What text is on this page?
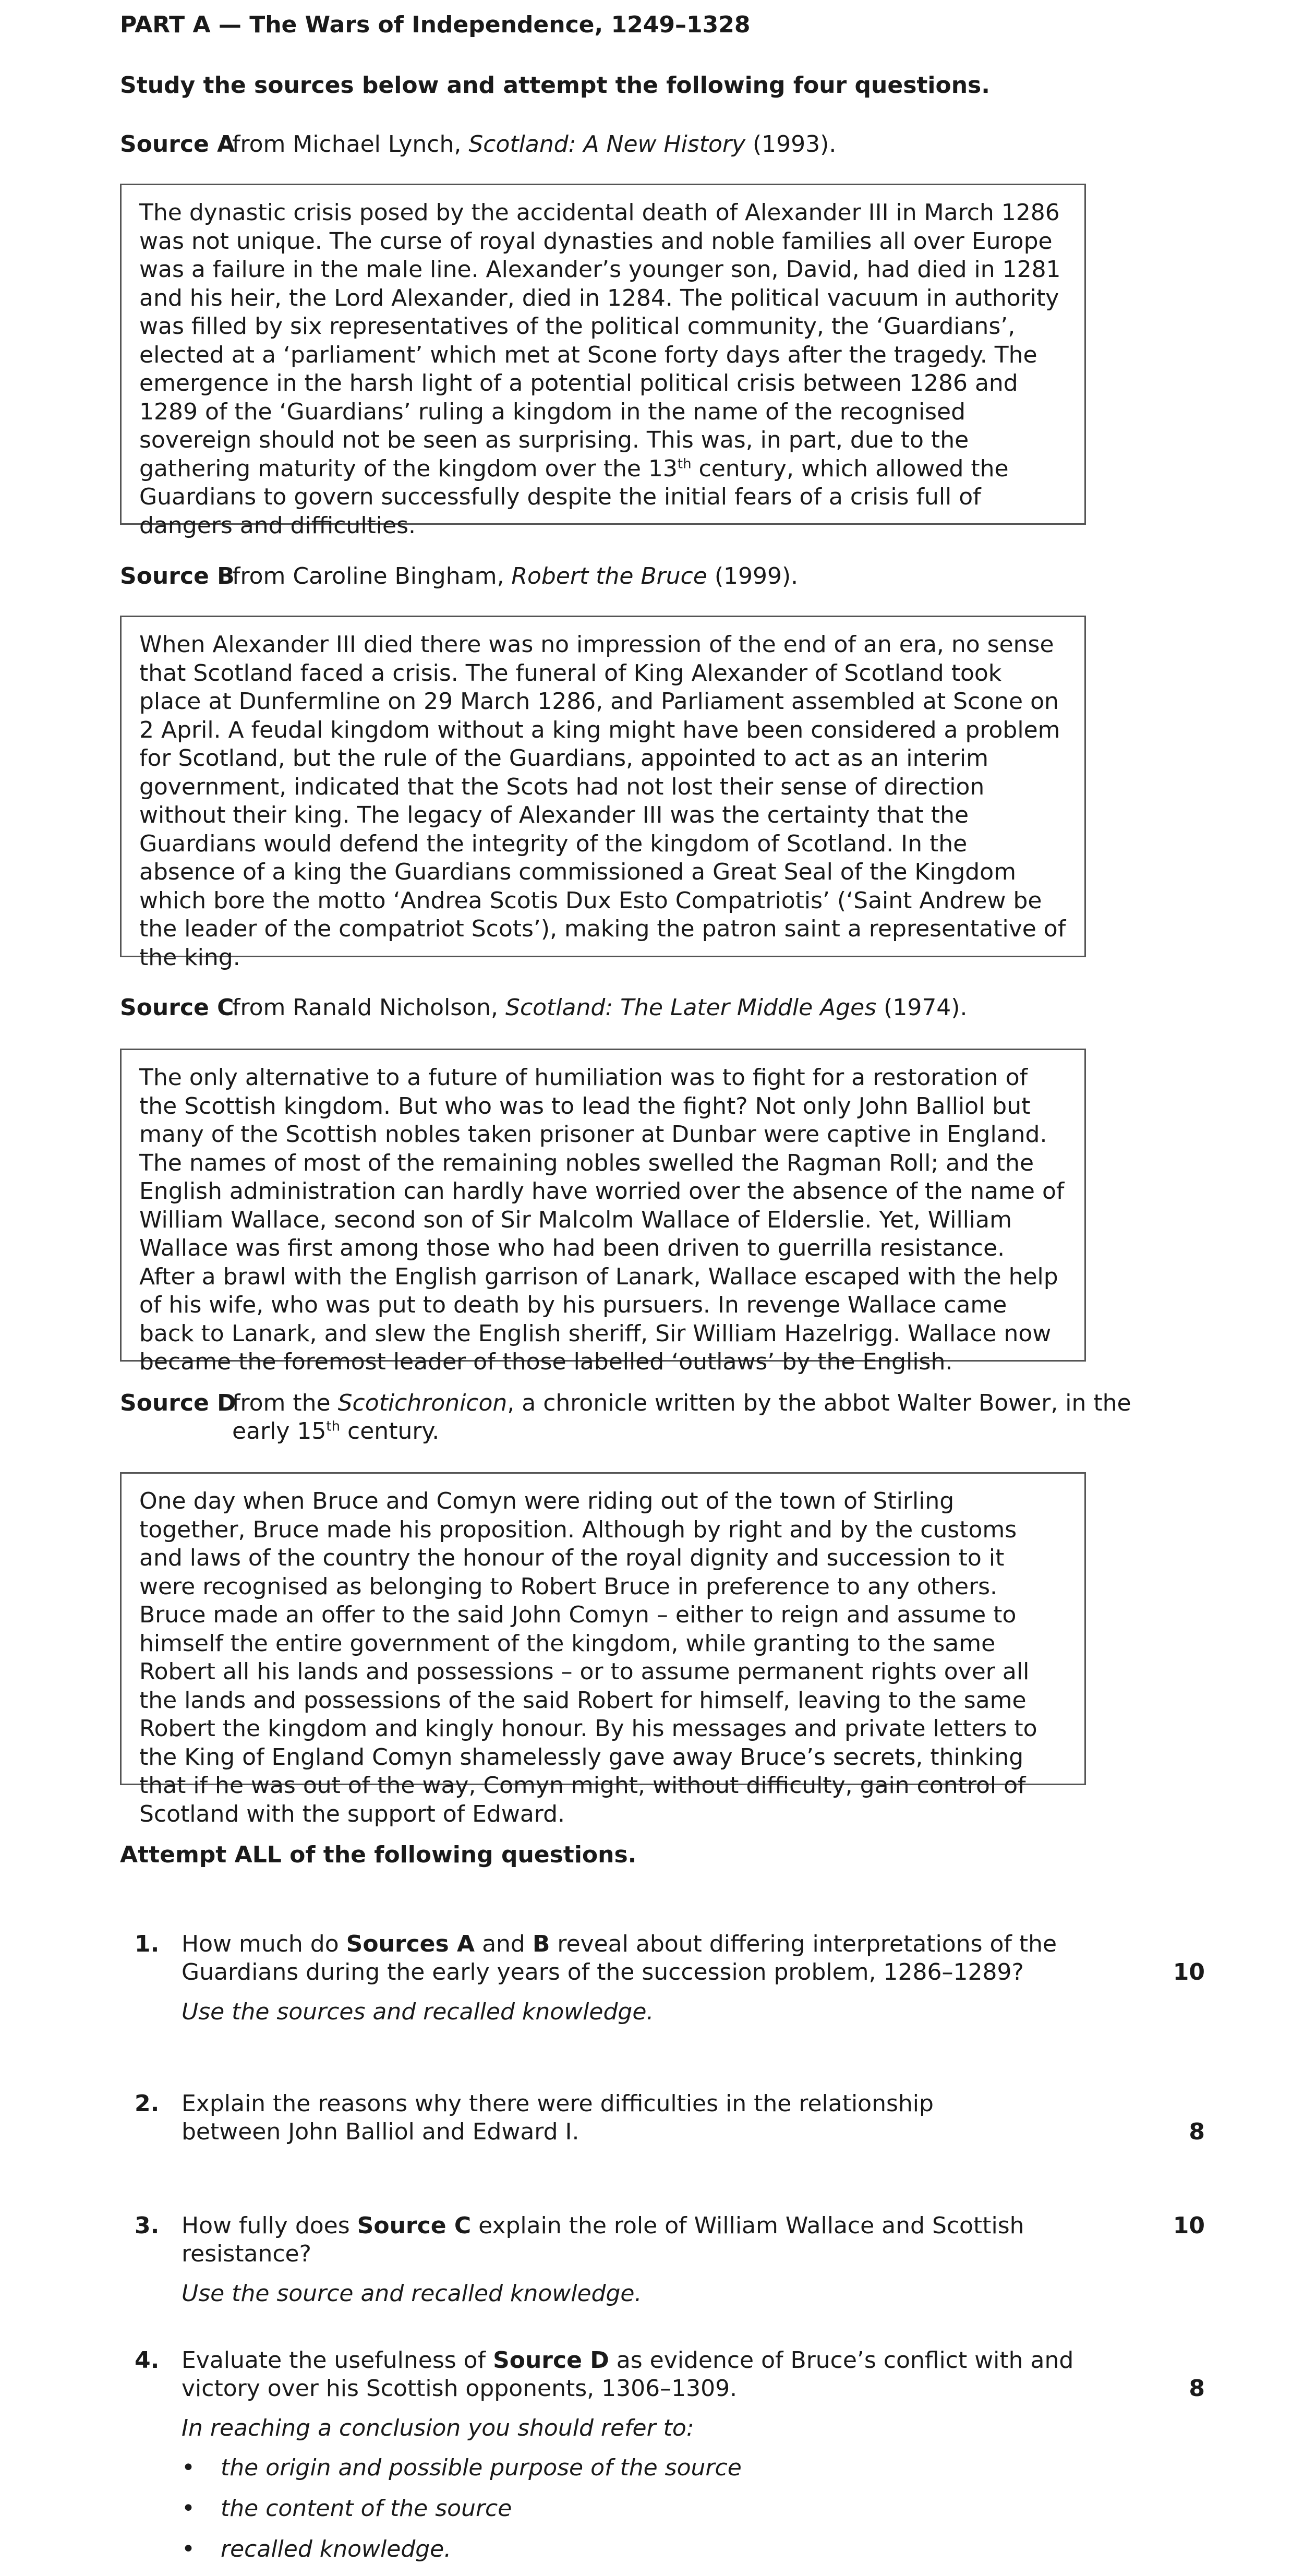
PART A — The Wars of Independence, 1249–1328
Study the sources below and attempt the following four questions.
Source A
from Michael Lynch, Scotland: A New History (1993).
The dynastic crisis posed by the accidental death of Alexander III in March 1286 was not unique. The curse of royal dynasties and noble families all over Europe was a failure in the male line. Alexander’s younger son, David, had died in 1281 and his heir, the Lord Alexander, died in 1284. The political vacuum in authority was filled by six representatives of the political community, the ‘Guardians’, elected at a ‘parliament’ which met at Scone forty days after the tragedy. The emergence in the harsh light of a potential political crisis between 1286 and 1289 of the ‘Guardians’ ruling a kingdom in the name of the recognised sovereign should not be seen as surprising. This was, in part, due to the gathering maturity of the kingdom over the 13th century, which allowed the Guardians to govern successfully despite the initial fears of a crisis full of dangers and difficulties.
Source B
from Caroline Bingham, Robert the Bruce (1999).
When Alexander III died there was no impression of the end of an era, no sense that Scotland faced a crisis. The funeral of King Alexander of Scotland took place at Dunfermline on 29 March 1286, and Parliament assembled at Scone on 2 April. A feudal kingdom without a king might have been considered a problem for Scotland, but the rule of the Guardians, appointed to act as an interim government, indicated that the Scots had not lost their sense of direction without their king. The legacy of Alexander III was the certainty that the Guardians would defend the integrity of the kingdom of Scotland. In the absence of a king the Guardians commissioned a Great Seal of the Kingdom which bore the motto ‘Andrea Scotis Dux Esto Compatriotis’ (‘Saint Andrew be the leader of the compatriot Scots’), making the patron saint a representative of the king.
Source C
from Ranald Nicholson, Scotland: The Later Middle Ages (1974).
The only alternative to a future of humiliation was to fight for a restoration of the Scottish kingdom. But who was to lead the fight? Not only John Balliol but many of the Scottish nobles taken prisoner at Dunbar were captive in England. The names of most of the remaining nobles swelled the Ragman Roll; and the English administration can hardly have worried over the absence of the name of William Wallace, second son of Sir Malcolm Wallace of Elderslie. Yet, William Wallace was first among those who had been driven to guerrilla resistance. After a brawl with the English garrison of Lanark, Wallace escaped with the help of his wife, who was put to death by his pursuers. In revenge Wallace came back to Lanark, and slew the English sheriff, Sir William Hazelrigg. Wallace now became the foremost leader of those labelled ‘outlaws’ by the English.
Source D
from the Scotichronicon, a chronicle written by the abbot Walter Bower, in the early 15th century.
One day when Bruce and Comyn were riding out of the town of Stirling together, Bruce made his proposition. Although by right and by the customs and laws of the country the honour of the royal dignity and succession to it were recognised as belonging to Robert Bruce in preference to any others. Bruce made an offer to the said John Comyn – either to reign and assume to himself the entire government of the kingdom, while granting to the same Robert all his lands and possessions – or to assume permanent rights over all the lands and possessions of the said Robert for himself, leaving to the same Robert the kingdom and kingly honour. By his messages and private letters to the King of England Comyn shamelessly gave away Bruce’s secrets, thinking that if he was out of the way, Comyn might, without difficulty, gain control of Scotland with the support of Edward.
Attempt ALL of the following questions.
1. How much do Sources A and B reveal about differing interpretations of the Guardians during the early years of the succession problem, 1286–1289?
Use the sources and recalled knowledge.
10
2. Explain the reasons why there were difficulties in the relationship between John Balliol and Edward I.	8
3. How fully does Source C explain the role of William Wallace and Scottish resistance?
Use the source and recalled knowledge.
10
4. Evaluate the usefulness of Source D as evidence of Bruce’s conflict with and victory over his Scottish opponents, 1306–1309.
In reaching a conclusion you should refer to:
• the origin and possible purpose of the source
• the content of the source
• recalled knowledge.
8
